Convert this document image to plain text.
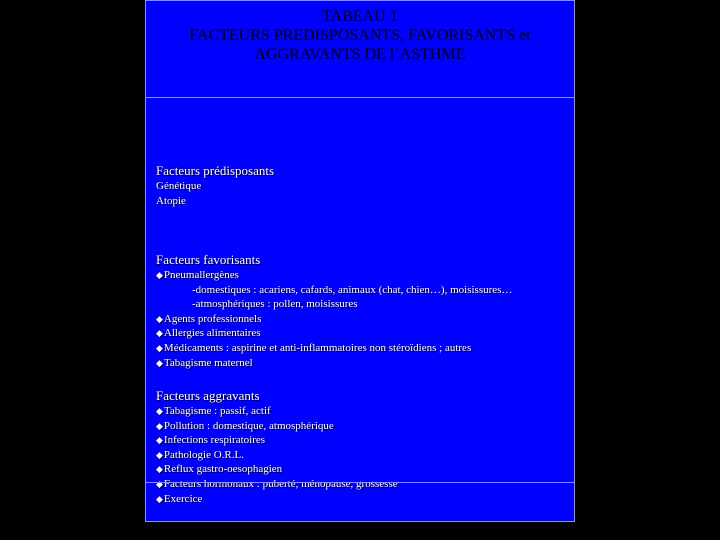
TABEAU 1
FACTEURS PREDISPOSANTS, FAVORISANTS et
AGGRAVANTS DE l’ASTHME
Facteurs prédisposants
Génétique
Atopie
Facteurs favorisants
◆ Pneumallergènes
-domestiques : acariens, cafards, animaux (chat, chien…), moisissures…
-atmosphériques : pollen, moisissures
◆ Agents professionnels
◆ Allergies alimentaires
◆ Médicaments : aspirine et anti-inflammatoires non stéroïdiens ; autres
◆ Tabagisme maternel
Facteurs aggravants
◆ Tabagisme : passif, actif
◆ Pollution : domestique, atmosphérique
◆ Infections respiratoires
◆ Pathologie O.R.L.
◆ Reflux gastro-oesophagien
◆ Facteurs hormonaux : puberté, ménopause, grossesse
◆ Exercice
